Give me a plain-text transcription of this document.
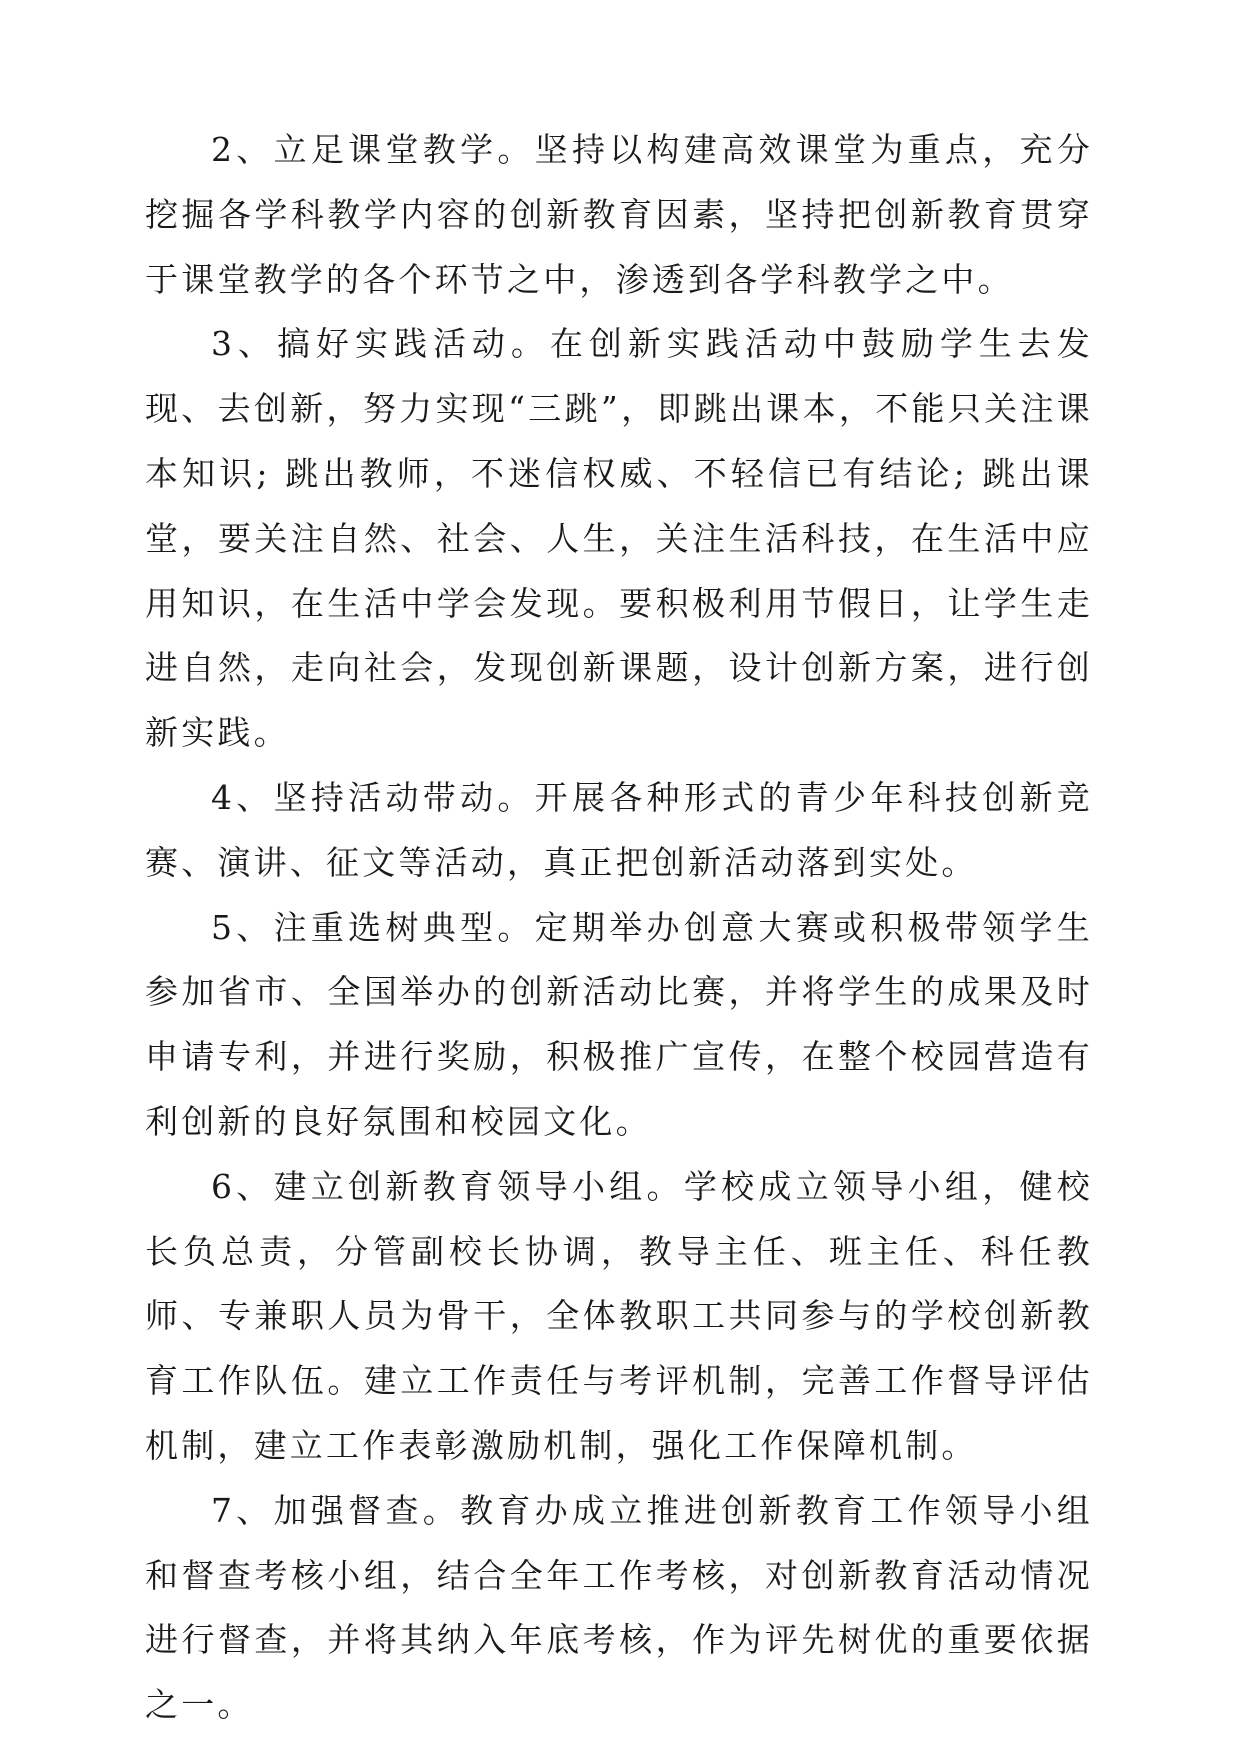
2、立足课堂教学。坚持以构建高效课堂为重点，充分挖掘各学科教学内容的创新教育因素，坚持把创新教育贯穿于课堂教学的各个环节之中，渗透到各学科教学之中。

3、搞好实践活动。在创新实践活动中鼓励学生去发现、去创新，努力实现“三跳”，即跳出课本，不能只关注课本知识; 跳出教师，不迷信权威、不轻信已有结论; 跳出课堂，要关注自然、社会、人生，关注生活科技，在生活中应用知识，在生活中学会发现。要积极利用节假日，让学生走进自然，走向社会，发现创新课题，设计创新方案，进行创新实践。

4、坚持活动带动。开展各种形式的青少年科技创新竞赛、演讲、征文等活动，真正把创新活动落到实处。

5、注重选树典型。定期举办创意大赛或积极带领学生参加省市、全国举办的创新活动比赛，并将学生的成果及时申请专利，并进行奖励，积极推广宣传，在整个校园营造有利创新的良好氛围和校园文化。

6、建立创新教育领导小组。学校成立领导小组，健校长负总责，分管副校长协调，教导主任、班主任、科任教师、专兼职人员为骨干，全体教职工共同参与的学校创新教育工作队伍。建立工作责任与考评机制，完善工作督导评估机制，建立工作表彰激励机制，强化工作保障机制。

7、加强督查。教育办成立推进创新教育工作领导小组和督查考核小组，结合全年工作考核，对创新教育活动情况进行督查，并将其纳入年底考核，作为评先树优的重要依据之一。
